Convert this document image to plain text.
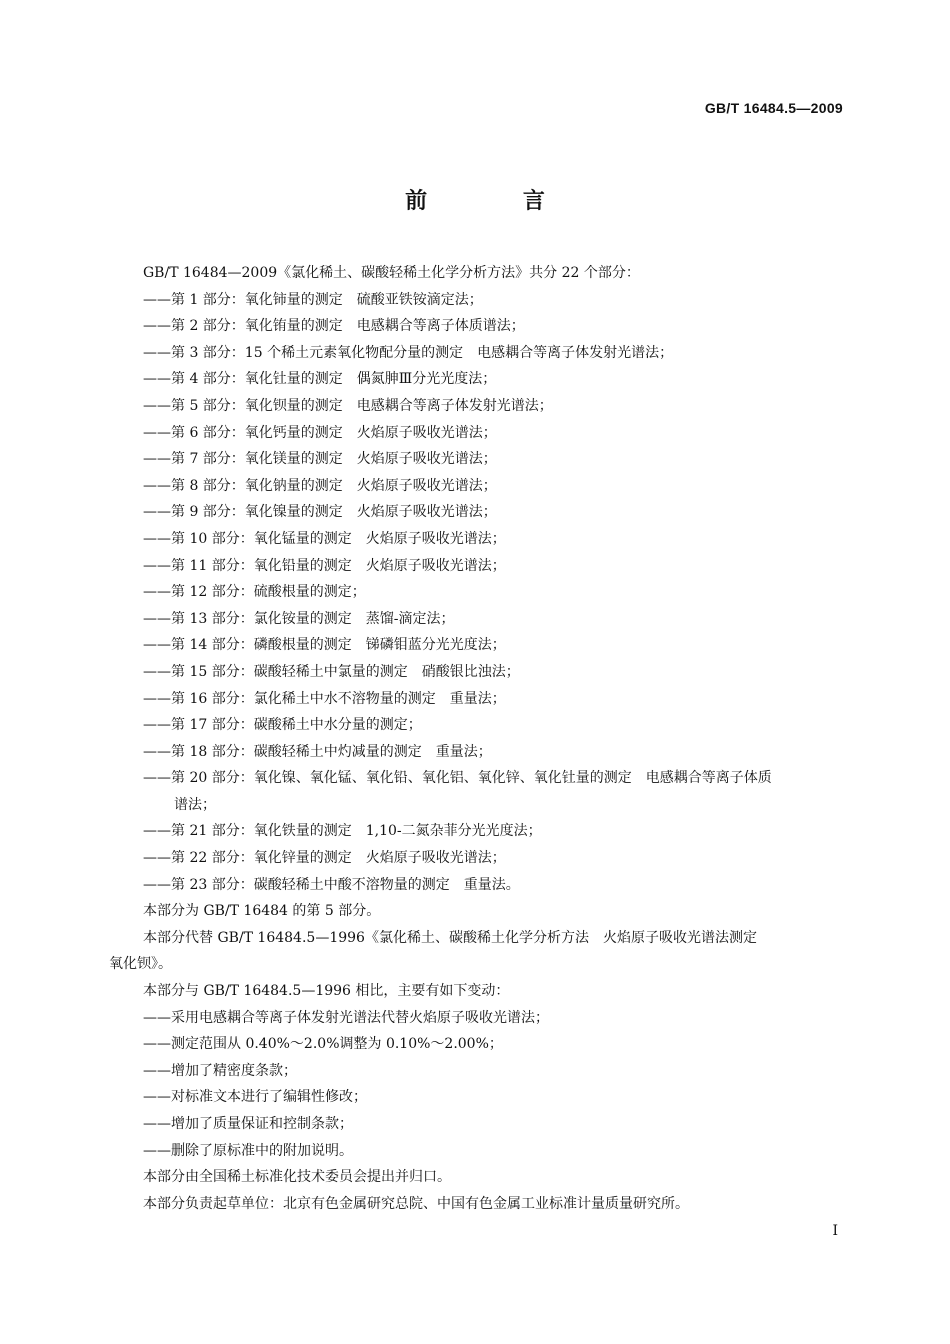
GB/T 16484.5—2009
前 言
GB/T 16484—2009《氯化稀土、碳酸轻稀土化学分析方法》共分 22 个部分：
——第 1 部分：氧化铈量的测定　硫酸亚铁铵滴定法；
——第 2 部分：氧化铕量的测定　电感耦合等离子体质谱法；
——第 3 部分：15 个稀土元素氧化物配分量的测定　电感耦合等离子体发射光谱法；
——第 4 部分：氧化钍量的测定　偶氮胂Ⅲ分光光度法；
——第 5 部分：氧化钡量的测定　电感耦合等离子体发射光谱法；
——第 6 部分：氧化钙量的测定　火焰原子吸收光谱法；
——第 7 部分：氧化镁量的测定　火焰原子吸收光谱法；
——第 8 部分：氧化钠量的测定　火焰原子吸收光谱法；
——第 9 部分：氧化镍量的测定　火焰原子吸收光谱法；
——第 10 部分：氧化锰量的测定　火焰原子吸收光谱法；
——第 11 部分：氧化铅量的测定　火焰原子吸收光谱法；
——第 12 部分：硫酸根量的测定；
——第 13 部分：氯化铵量的测定　蒸馏-滴定法；
——第 14 部分：磷酸根量的测定　锑磷钼蓝分光光度法；
——第 15 部分：碳酸轻稀土中氯量的测定　硝酸银比浊法；
——第 16 部分：氯化稀土中水不溶物量的测定　重量法；
——第 17 部分：碳酸稀土中水分量的测定；
——第 18 部分：碳酸轻稀土中灼减量的测定　重量法；
——第 20 部分：氧化镍、氧化锰、氧化铅、氧化铝、氧化锌、氧化钍量的测定　电感耦合等离子体质
谱法；
——第 21 部分：氧化铁量的测定　1,10-二氮杂菲分光光度法；
——第 22 部分：氧化锌量的测定　火焰原子吸收光谱法；
——第 23 部分：碳酸轻稀土中酸不溶物量的测定　重量法。
本部分为 GB/T 16484 的第 5 部分。
本部分代替 GB/T 16484.5—1996《氯化稀土、碳酸稀土化学分析方法　火焰原子吸收光谱法测定
氧化钡》。
本部分与 GB/T 16484.5—1996 相比，主要有如下变动：
——采用电感耦合等离子体发射光谱法代替火焰原子吸收光谱法；
——测定范围从 0.40%～2.0%调整为 0.10%～2.00%；
——增加了精密度条款；
——对标准文本进行了编辑性修改；
——增加了质量保证和控制条款；
——删除了原标准中的附加说明。
本部分由全国稀土标准化技术委员会提出并归口。
本部分负责起草单位：北京有色金属研究总院、中国有色金属工业标准计量质量研究所。
I
